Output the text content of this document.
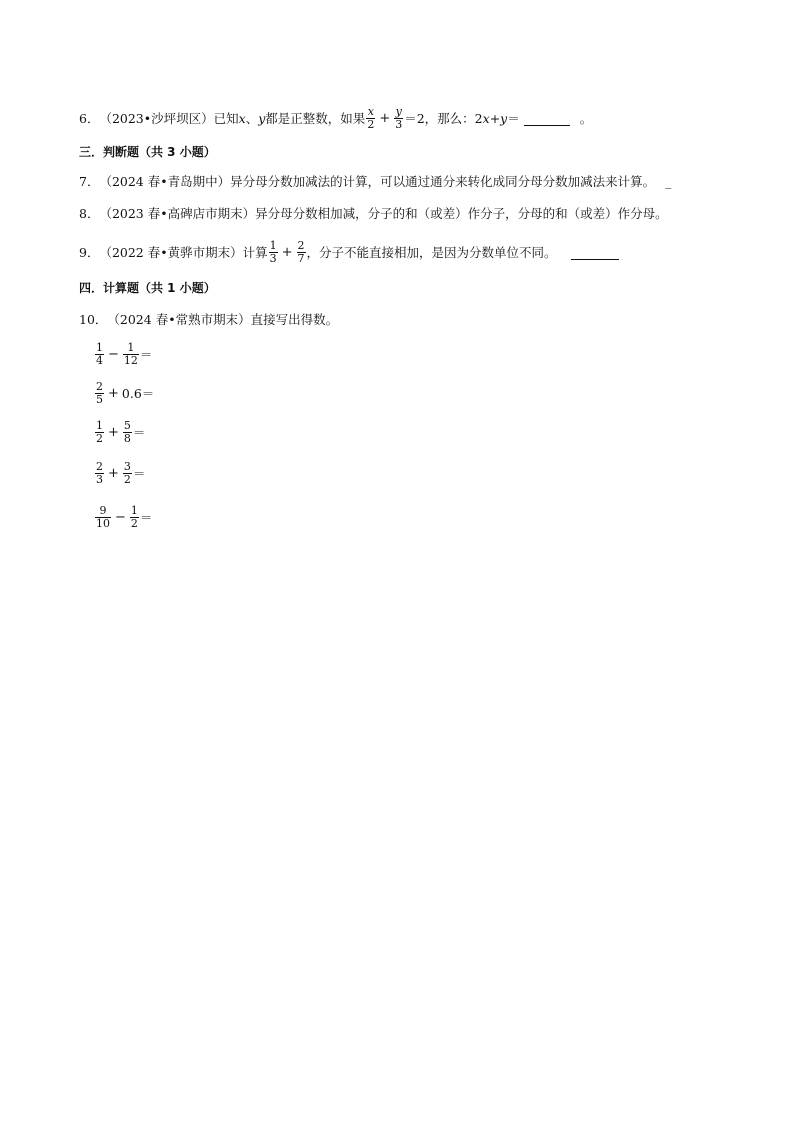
6． （2023•沙坪坝区） 已知 x 、 y 都是正整数，如果 $\frac{x}{2} + \frac{y}{3} =2$，那么：2 x + y ＝	。
三．判断题（共 3 小题）
7． （2024 春•青岛期中） 异分母分数加减法的计算，可以通过通分来转化成同分母分数加减法来计算。 _
8． （2023 春•高碑店市期末） 异分母分数相加减，分子的和（或差）作分子，分母的和（或差）作分母。
9． （2022 春•黄骅市期末） 计算 $\frac{1}{3} + \frac{2}{7}$ ，分子不能直接相加，是因为分数单位不同。
四．计算题（共 1 小题）
10． （2024 春•常熟市期末） 直接写出得数。
$\frac{1}{4} - \frac{1}{12}$ ＝
$\frac{2}{5} + 0.6$ ＝
$\frac{1}{2} + \frac{5}{8}$ ＝
$\frac{2}{3} + \frac{3}{2}$ ＝
$\frac{9}{10} - \frac{1}{2}$ ＝
